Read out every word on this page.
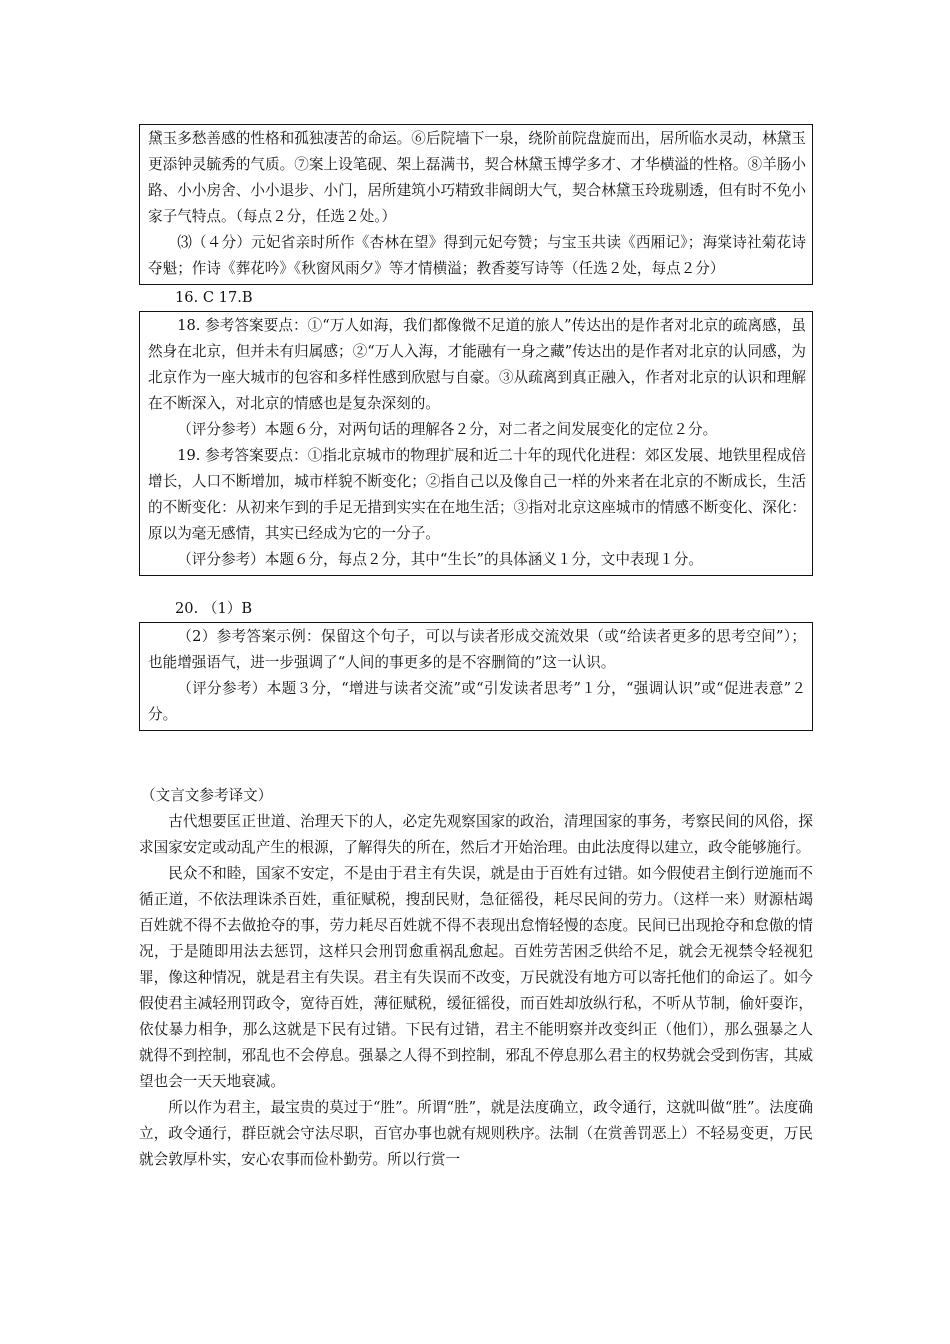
黛玉多愁善感的性格和孤独凄苦的命运。⑥后院墙下一泉，绕阶前院盘旋而出，居所临水灵动，林黛玉更添钟灵毓秀的气质。⑦案上设笔砚、架上磊满书，契合林黛玉博学多才、才华横溢的性格。⑧羊肠小路、小小房舍、小小退步、小门，居所建筑小巧精致非阔朗大气，契合林黛玉玲珑剔透，但有时不免小家子气特点。（每点２分，任选２处。）

⑶（４分）元妃省亲时所作《杏林在望》得到元妃夸赞；与宝玉共读《西厢记》；海棠诗社菊花诗夺魁；作诗《葬花吟》《秋窗风雨夕》等才情横溢；教香菱写诗等（任选２处，每点２分）

16. C 17.B

18. 参考答案要点：①“万人如海，我们都像微不足道的旅人”传达出的是作者对北京的疏离感，虽然身在北京，但并未有归属感；②“万人入海，才能融有一身之藏”传达出的是作者对北京的认同感，为北京作为一座大城市的包容和多样性感到欣慰与自豪。③从疏离到真正融入，作者对北京的认识和理解在不断深入，对北京的情感也是复杂深刻的。

（评分参考）本题６分，对两句话的理解各２分，对二者之间发展变化的定位２分。

19. 参考答案要点：①指北京城市的物理扩展和近二十年的现代化进程：郊区发展、地铁里程成倍增长，人口不断增加，城市样貌不断变化；②指自己以及像自己一样的外来者在北京的不断成长，生活的不断变化：从初来乍到的手足无措到实实在在地生活；③指对北京这座城市的情感不断变化、深化：原以为毫无感情，其实已经成为它的一分子。

（评分参考）本题６分，每点２分，其中“生长”的具体涵义１分，文中表现１分。

20. （1）B

（2）参考答案示例：保留这个句子，可以与读者形成交流效果（或“给读者更多的思考空间”）；也能增强语气，进一步强调了“人间的事更多的是不容删简的”这一认识。

（评分参考）本题３分，“增进与读者交流”或“引发读者思考”１分，“强调认识”或“促进表意”２分。

（文言文参考译文）

古代想要匡正世道、治理天下的人，必定先观察国家的政治，清理国家的事务，考察民间的风俗，探求国家安定或动乱产生的根源，了解得失的所在，然后才开始治理。由此法度得以建立，政令能够施行。

民众不和睦，国家不安定，不是由于君主有失误，就是由于百姓有过错。如今假使君主倒行逆施而不循正道，不依法理诛杀百姓，重征赋税，搜刮民财，急征徭役，耗尽民间的劳力。（这样一来）财源枯竭百姓就不得不去做抢夺的事，劳力耗尽百姓就不得不表现出怠惰轻慢的态度。民间已出现抢夺和怠傲的情况，于是随即用法去惩罚，这样只会刑罚愈重祸乱愈起。百姓劳苦困乏供给不足，就会无视禁令轻视犯罪，像这种情况，就是君主有失误。君主有失误而不改变，万民就没有地方可以寄托他们的命运了。如今假使君主减轻刑罚政令，宽待百姓，薄征赋税，缓征徭役，而百姓却放纵行私，不听从节制，偷奸耍诈，依仗暴力相争，那么这就是下民有过错。下民有过错，君主不能明察并改变纠正（他们），那么强暴之人就得不到控制，邪乱也不会停息。强暴之人得不到控制，邪乱不停息那么君主的权势就会受到伤害，其威望也会一天天地衰减。

所以作为君主，最宝贵的莫过于“胜”。所谓“胜”，就是法度确立，政令通行，这就叫做“胜”。法度确立，政令通行，群臣就会守法尽职，百官办事也就有规则秩序。法制（在赏善罚恶上）不轻易变更，万民就会敦厚朴实，安心农事而俭朴勤劳。所以行赏一
